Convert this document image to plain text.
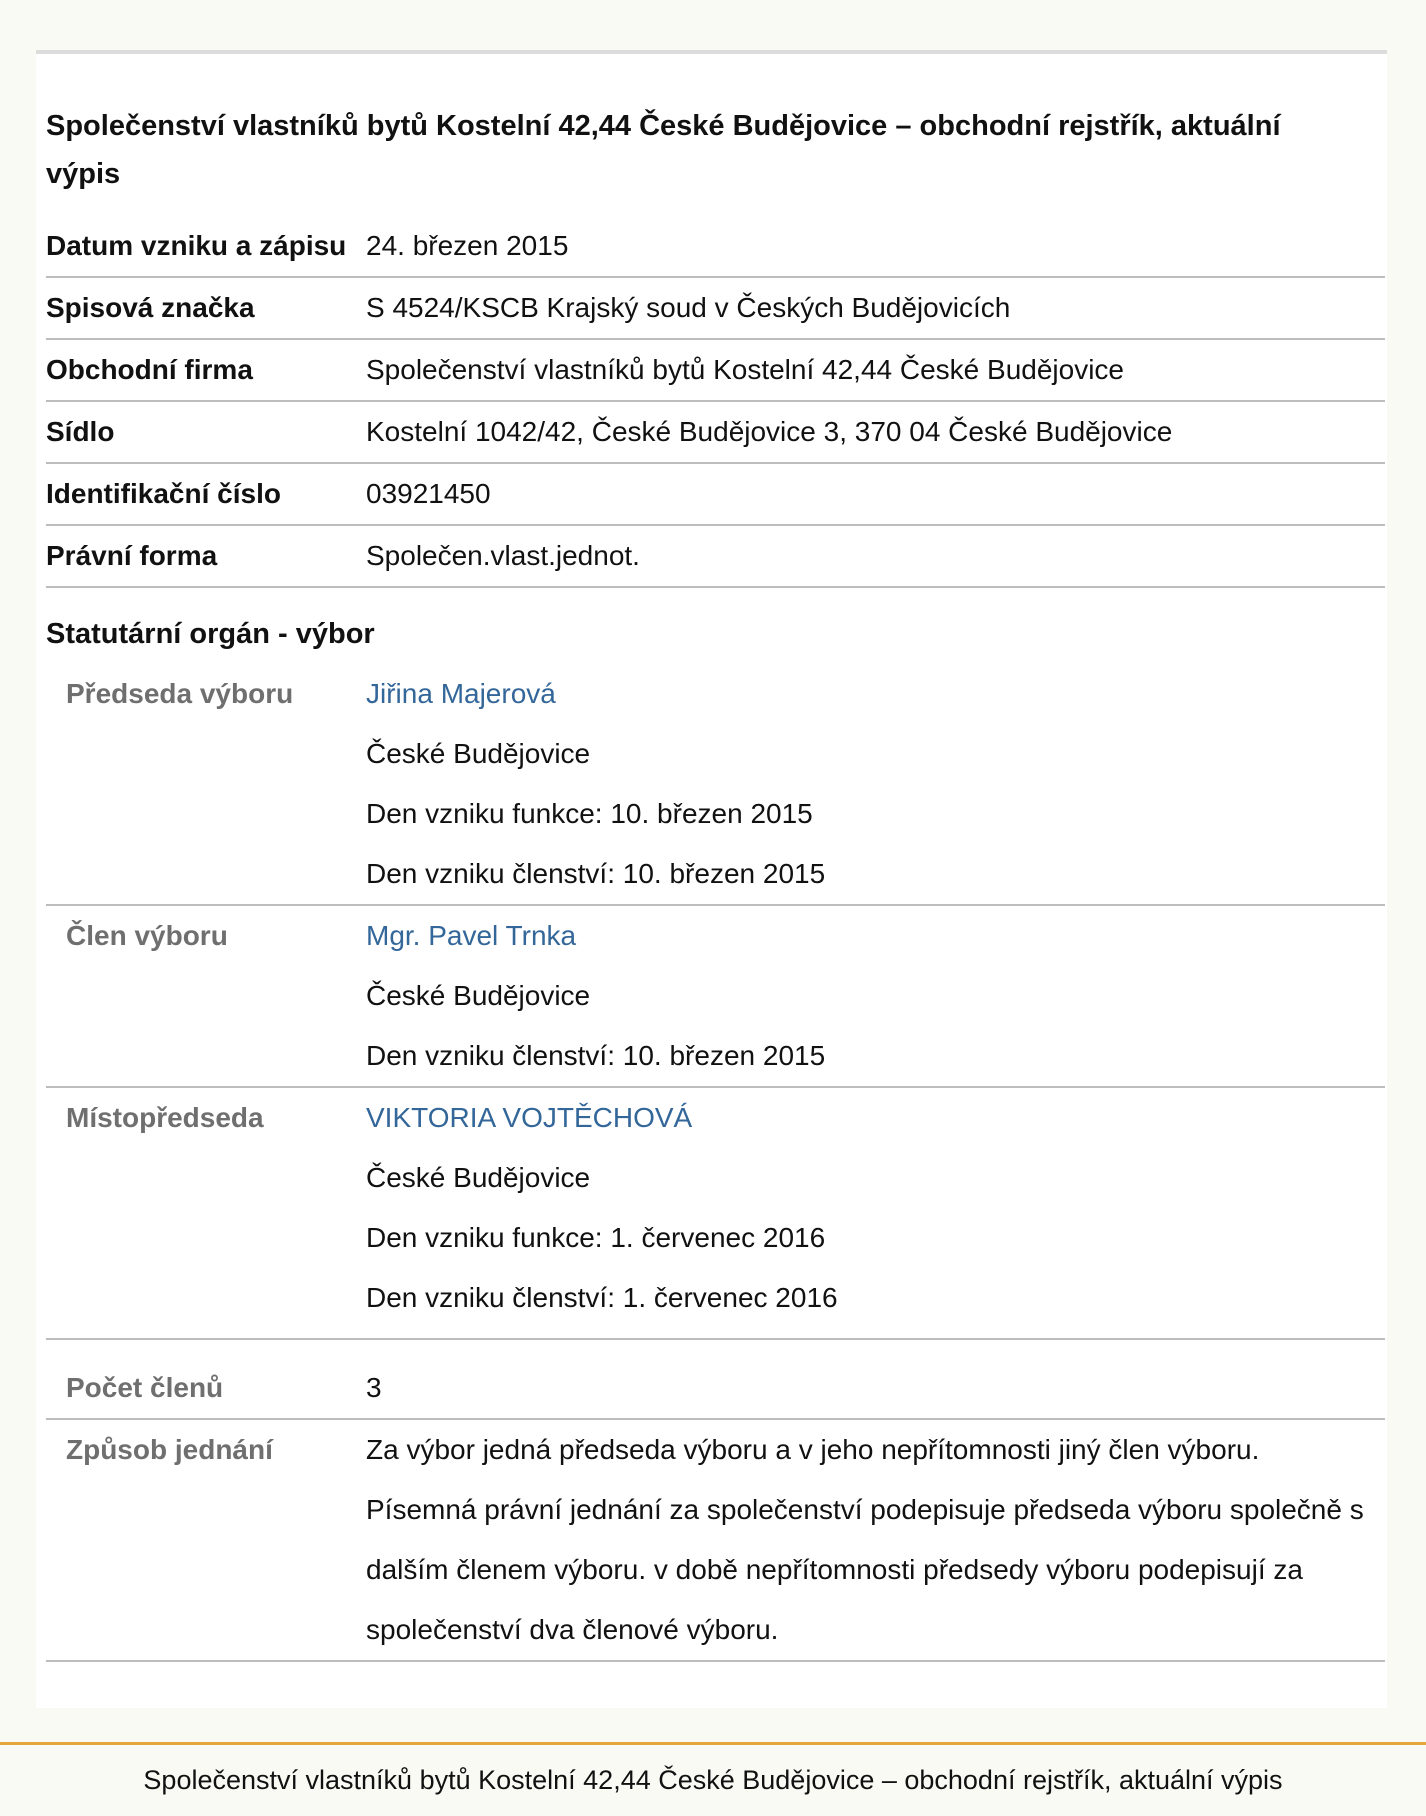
Společenství vlastníků bytů Kostelní 42,44 České Budějovice – obchodní rejstřík, aktuální výpis
Datum vzniku a zápisu 24. březen 2015
Spisová značka	S 4524/KSCB Krajský soud v Českých Budějovicích
Obchodní firma	Společenství vlastníků bytů Kostelní 42,44 České Budějovice
Sídlo	Kostelní 1042/42, České Budějovice 3, 370 04 České Budějovice
Identifikační číslo	03921450
Právní forma	Společen.vlast.jednot.
Statutární orgán - výbor
Předseda výboru	Jiřina Majerová
České Budějovice
Den vzniku funkce: 10. březen 2015
Den vzniku členství: 10. březen 2015
Člen výboru	Mgr. Pavel Trnka
České Budějovice
Den vzniku členství: 10. březen 2015
Místopředseda	VIKTORIA VOJTĚCHOVÁ
České Budějovice
Den vzniku funkce: 1. červenec 2016
Den vzniku členství: 1. červenec 2016
Počet členů	3
Způsob jednání	Za výbor jedná předseda výboru a v jeho nepřítomnosti jiný člen výboru. Písemná právní jednání za společenství podepisuje předseda výboru společně s dalším členem výboru. v době nepřítomnosti předsedy výboru podepisují za společenství dva členové výboru.
Společenství vlastníků bytů Kostelní 42,44 České Budějovice – obchodní rejstřík, aktuální výpis
